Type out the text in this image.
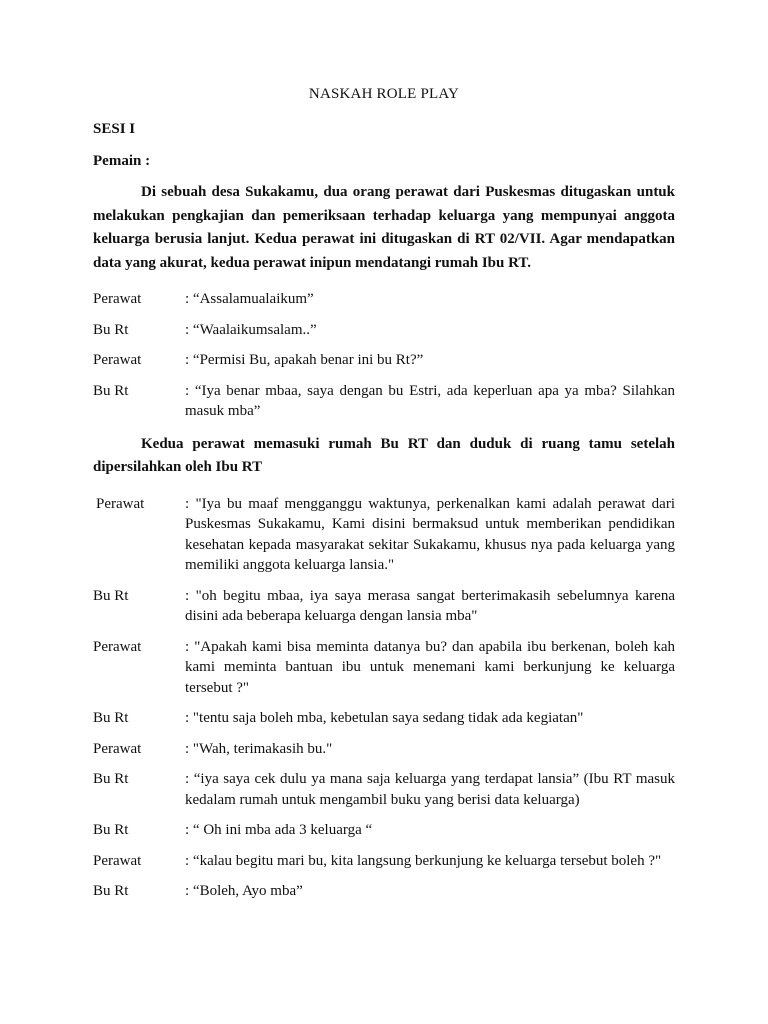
NASKAH ROLE PLAY
SESI I
Pemain :
Di sebuah desa Sukakamu, dua orang perawat dari Puskesmas ditugaskan untuk melakukan pengkajian dan pemeriksaan terhadap keluarga yang mempunyai anggota keluarga berusia lanjut. Kedua perawat ini ditugaskan di RT 02/VII. Agar mendapatkan data yang akurat, kedua perawat inipun mendatangi rumah Ibu RT.
Perawat	: “Assalamualaikum”
Bu Rt	: “Waalaikumsalam..”
Perawat	: “Permisi Bu, apakah benar ini bu Rt?”
Bu Rt	: “Iya benar mbaa, saya dengan bu Estri, ada keperluan apa ya mba? Silahkan masuk mba”
Kedua perawat memasuki rumah Bu RT dan duduk di ruang tamu setelah dipersilahkan oleh Ibu RT
Perawat	: "Iya bu maaf mengganggu waktunya, perkenalkan kami adalah perawat dari Puskesmas Sukakamu, Kami disini bermaksud untuk memberikan pendidikan kesehatan kepada masyarakat sekitar Sukakamu, khusus nya pada keluarga yang memiliki anggota keluarga lansia."
Bu Rt	: "oh begitu mbaa, iya saya merasa sangat berterimakasih sebelumnya karena disini ada beberapa keluarga dengan lansia mba"
Perawat	: "Apakah kami bisa meminta datanya bu? dan apabila ibu berkenan, boleh kah kami meminta bantuan ibu untuk menemani kami berkunjung ke keluarga tersebut ?"
Bu Rt	: "tentu saja boleh mba, kebetulan saya sedang tidak ada kegiatan"
Perawat	: "Wah, terimakasih bu."
Bu Rt	: “iya saya cek dulu ya mana saja keluarga yang terdapat lansia” (Ibu RT masuk kedalam rumah untuk mengambil buku yang berisi data keluarga)
Bu Rt	: “ Oh ini mba ada 3 keluarga “
Perawat	: “kalau begitu mari bu, kita langsung berkunjung ke keluarga tersebut boleh ?"
Bu Rt	: “Boleh, Ayo mba”
